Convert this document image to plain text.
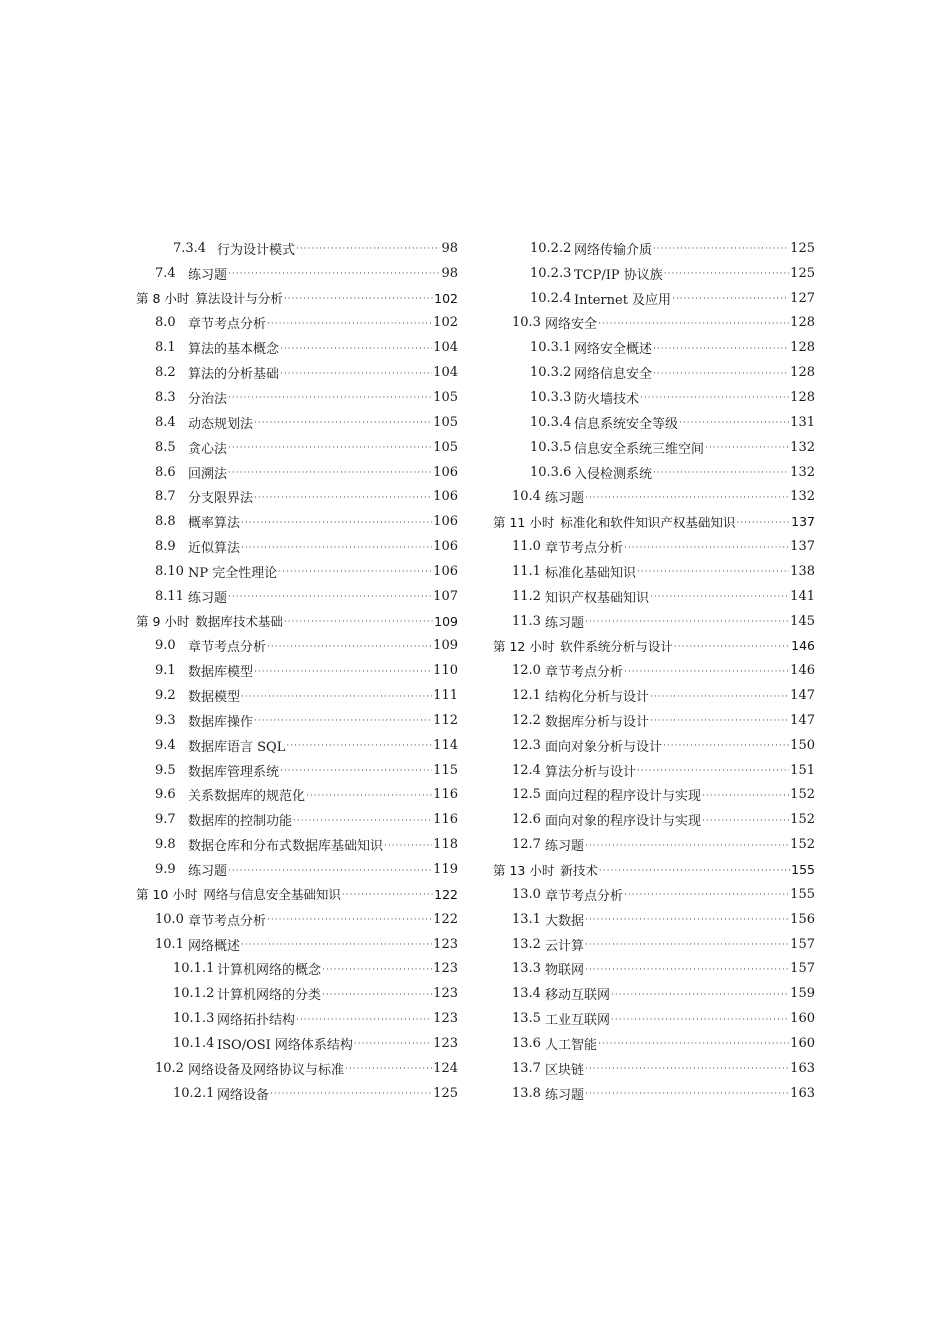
7.3.4 行为设计模式 ·····	98
7.4 练习题 ·····	98
第 8 小时 算法设计与分析 ·····	102
8.0 章节考点分析 ·····	102
8.1 算法的基本概念 ·····	104
8.2 算法的分析基础 ·····	104
8.3 分治法 ·····	105
8.4 动态规划法 ·····	105
8.5 贪心法 ·····	105
8.6 回溯法 ·····	106
8.7 分支限界法 ·····	106
8.8 概率算法 ·····	106
8.9 近似算法 ·····	106
8.10 NP 完全性理论 ·····	106
8.11 练习题 ·····	107
第 9 小时 数据库技术基础 ·····	109
9.0 章节考点分析 ·····	109
9.1 数据库模型 ·····	110
9.2 数据模型 ·····	111
9.3 数据库操作 ·····	112
9.4 数据库语言 SQL ·····	114
9.5 数据库管理系统 ·····	115
9.6 关系数据库的规范化 ·····	116
9.7 数据库的控制功能 ·····	116
9.8 数据仓库和分布式数据库基础知识 ·····	118
9.9 练习题 ·····	119
第 10 小时 网络与信息安全基础知识 ·····	122
10.0 章节考点分析 ·····	122
10.1 网络概述 ·····	123
10.1.1 计算机网络的概念 ·····	123
10.1.2 计算机网络的分类 ·····	123
10.1.3 网络拓扑结构 ·····	123
10.1.4 ISO/OSI 网络体系结构 ·····	123
10.2 网络设备及网络协议与标准 ·····	124
10.2.1 网络设备 ·····	125
10.2.2 网络传输介质 ·····	125
10.2.3 TCP/IP 协议族 ·····	125
10.2.4 Internet 及应用 ·····	127
10.3 网络安全 ·····	128
10.3.1 网络安全概述 ·····	128
10.3.2 网络信息安全 ·····	128
10.3.3 防火墙技术 ·····	128
10.3.4 信息系统安全等级 ·····	131
10.3.5 信息安全系统三维空间 ·····	132
10.3.6 入侵检测系统 ·····	132
10.4 练习题 ·····	132
第 11 小时 标准化和软件知识产权基础知识 ·····	137
11.0 章节考点分析 ·····	137
11.1 标准化基础知识 ·····	138
11.2 知识产权基础知识 ·····	141
11.3 练习题 ·····	145
第 12 小时 软件系统分析与设计 ·····	146
12.0 章节考点分析 ·····	146
12.1 结构化分析与设计 ·····	147
12.2 数据库分析与设计 ·····	147
12.3 面向对象分析与设计 ·····	150
12.4 算法分析与设计 ·····	151
12.5 面向过程的程序设计与实现 ·····	152
12.6 面向对象的程序设计与实现 ·····	152
12.7 练习题 ·····	152
第 13 小时 新技术 ·····	155
13.0 章节考点分析 ·····	155
13.1 大数据 ·····	156
13.2 云计算 ·····	157
13.3 物联网 ·····	157
13.4 移动互联网 ·····	159
13.5 工业互联网 ·····	160
13.6 人工智能 ·····	160
13.7 区块链 ·····	163
13.8 练习题 ·····	163
